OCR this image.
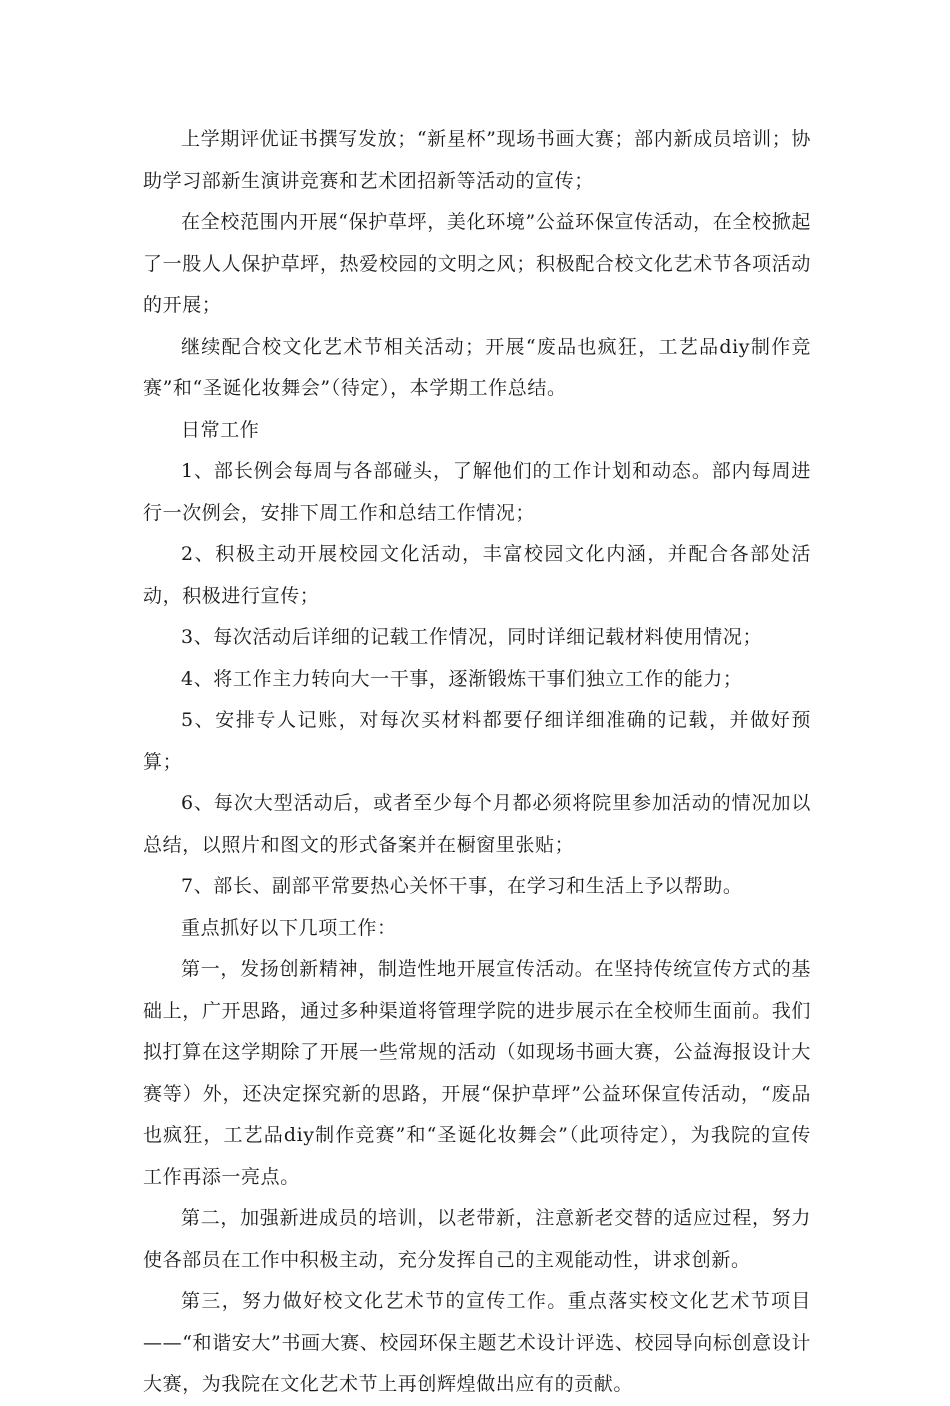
上学期评优证书撰写发放；“新星杯”现场书画大赛；部内新成员培训；协助学习部新生演讲竞赛和艺术团招新等活动的宣传；

在全校范围内开展“保护草坪，美化环境”公益环保宣传活动，在全校掀起了一股人人保护草坪，热爱校园的文明之风；积极配合校文化艺术节各项活动的开展；

继续配合校文化艺术节相关活动；开展“废品也疯狂，工艺品diy制作竞赛”和“圣诞化妆舞会”（待定），本学期工作总结。

日常工作

1、部长例会每周与各部碰头，了解他们的工作计划和动态。部内每周进行一次例会，安排下周工作和总结工作情况；

2、积极主动开展校园文化活动，丰富校园文化内涵，并配合各部处活动，积极进行宣传；

3、每次活动后详细的记载工作情况，同时详细记载材料使用情况；

4、将工作主力转向大一干事，逐渐锻炼干事们独立工作的能力；

5、安排专人记账，对每次买材料都要仔细详细准确的记载，并做好预算；

6、每次大型活动后，或者至少每个月都必须将院里参加活动的情况加以总结，以照片和图文的形式备案并在橱窗里张贴；

7、部长、副部平常要热心关怀干事，在学习和生活上予以帮助。

重点抓好以下几项工作：

第一，发扬创新精神，制造性地开展宣传活动。在坚持传统宣传方式的基础上，广开思路，通过多种渠道将管理学院的进步展示在全校师生面前。我们拟打算在这学期除了开展一些常规的活动（如现场书画大赛，公益海报设计大赛等）外，还决定探究新的思路，开展“保护草坪”公益环保宣传活动，“废品也疯狂，工艺品diy制作竞赛”和“圣诞化妆舞会”（此项待定），为我院的宣传工作再添一亮点。

第二，加强新进成员的培训，以老带新，注意新老交替的适应过程，努力使各部员在工作中积极主动，充分发挥自己的主观能动性，讲求创新。

第三，努力做好校文化艺术节的宣传工作。重点落实校文化艺术节项目——“和谐安大”书画大赛、校园环保主题艺术设计评选、校园导向标创意设计大赛，为我院在文化艺术节上再创辉煌做出应有的贡献。
